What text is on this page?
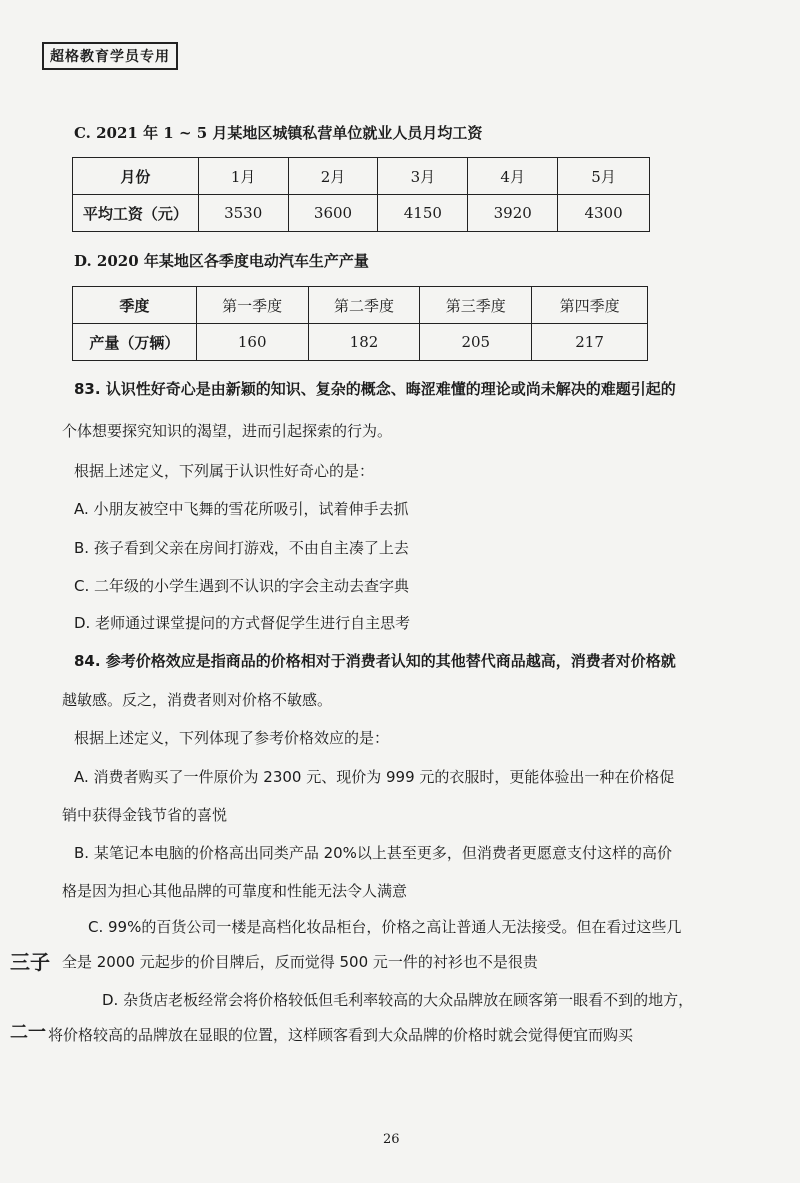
超格教育学员专用
C. 2021 年 1 ~ 5 月某地区城镇私营单位就业人员月均工资
月份	1月	2月	3月	4月	5月
平均工资（元）	3530	3600	4150	3920	4300
D. 2020 年某地区各季度电动汽车生产产量
季度	第一季度	第二季度	第三季度	第四季度
产量（万辆）	160	182	205	217
83. 认识性好奇心是由新颖的知识、复杂的概念、晦涩难懂的理论或尚未解决的难题引起的
个体想要探究知识的渴望，进而引起探索的行为。
根据上述定义，下列属于认识性好奇心的是：
A. 小朋友被空中飞舞的雪花所吸引，试着伸手去抓
B. 孩子看到父亲在房间打游戏，不由自主凑了上去
C. 二年级的小学生遇到不认识的字会主动去查字典
D. 老师通过课堂提问的方式督促学生进行自主思考
84. 参考价格效应是指商品的价格相对于消费者认知的其他替代商品越高，消费者对价格就
越敏感。反之，消费者则对价格不敏感。
根据上述定义，下列体现了参考价格效应的是：
A. 消费者购买了一件原价为 2300 元、现价为 999 元的衣服时，更能体验出一种在价格促
销中获得金钱节省的喜悦
B. 某笔记本电脑的价格高出同类产品 20%以上甚至更多，但消费者更愿意支付这样的高价
格是因为担心其他品牌的可靠度和性能无法令人满意
C. 99%的百货公司一楼是高档化妆品柜台，价格之高让普通人无法接受。但在看过这些几
三子 全是 2000 元起步的价目牌后，反而觉得 500 元一件的衬衫也不是很贵
D. 杂货店老板经常会将价格较低但毛利率较高的大众品牌放在顾客第一眼看不到的地方，
二一 将价格较高的品牌放在显眼的位置，这样顾客看到大众品牌的价格时就会觉得便宜而购买
26
